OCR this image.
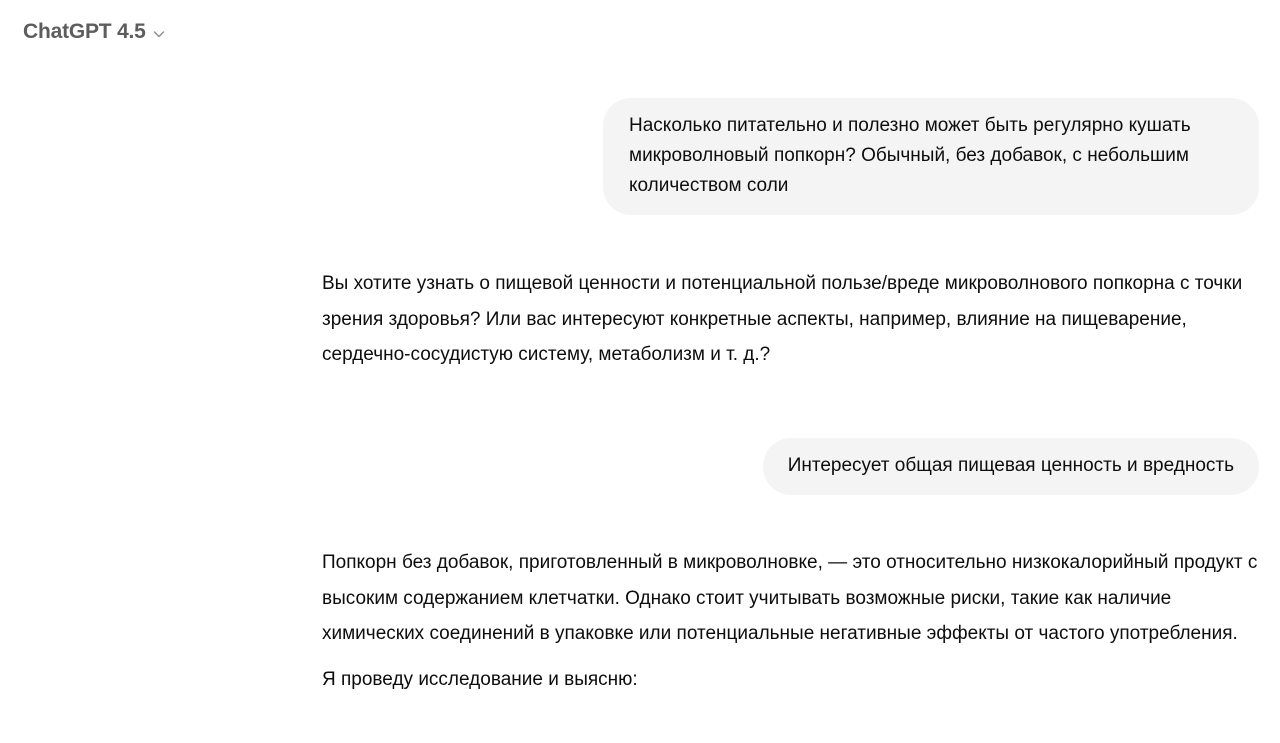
ChatGPT 4.5
Насколько питательно и полезно может быть регулярно кушать микроволновый попкорн? Обычный, без добавок, с небольшим количеством соли

Вы хотите узнать о пищевой ценности и потенциальной пользе/вреде микроволнового попкорна с точки зрения здоровья? Или вас интересуют конкретные аспекты, например, влияние на пищеварение, сердечно-сосудистую систему, метаболизм и т. д.?

Интересует общая пищевая ценность и вредность

Попкорн без добавок, приготовленный в микроволновке, — это относительно низкокалорийный продукт с высоким содержанием клетчатки. Однако стоит учитывать возможные риски, такие как наличие химических соединений в упаковке или потенциальные негативные эффекты от частого употребления.

Я проведу исследование и выясню:
